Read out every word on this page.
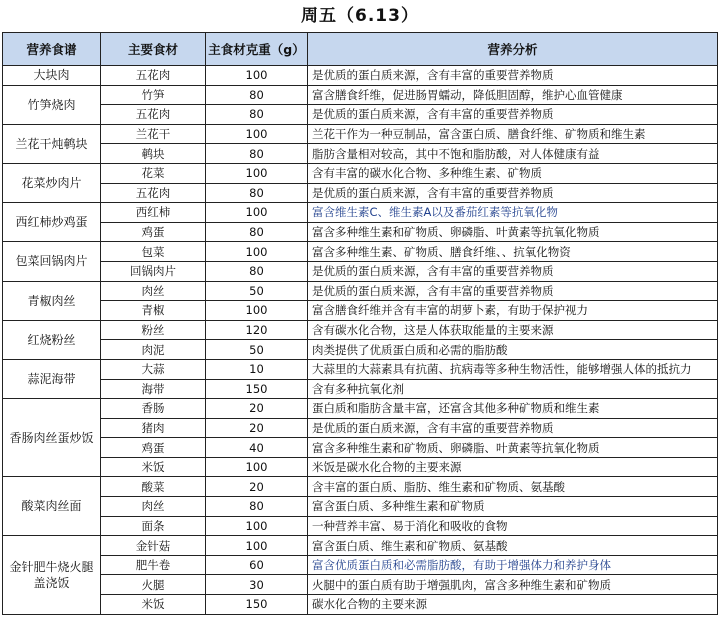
周五（6.13）
营养食谱	主要食材	主食材克重（g）	营养分析
大块肉	五花肉	100	是优质的蛋白质来源，含有丰富的重要营养物质
竹笋烧肉	竹笋	80	富含膳食纤维，促进肠胃蠕动，降低胆固醇，维护心血管健康
	五花肉	80	是优质的蛋白质来源，含有丰富的重要营养物质
兰花干炖鹌块	兰花干	100	兰花干作为一种豆制品，富含蛋白质、膳食纤维、矿物质和维生素
	鹌块	80	脂肪含量相对较高，其中不饱和脂肪酸，对人体健康有益
花菜炒肉片	花菜	100	含有丰富的碳水化合物、多种维生素、矿物质
	五花肉	80	是优质的蛋白质来源，含有丰富的重要营养物质
西红柿炒鸡蛋	西红柿	100	富含维生素C、维生素A以及番茄红素等抗氧化物
	鸡蛋	80	富含多种维生素和矿物质、卵磷脂、叶黄素等抗氧化物质
包菜回锅肉片	包菜	100	富含多种维生素、矿物质、膳食纤维、、抗氧化物资
	回锅肉片	80	是优质的蛋白质来源，含有丰富的重要营养物质
青椒肉丝	肉丝	50	是优质的蛋白质来源，含有丰富的重要营养物质
	青椒	100	富含膳食纤维并含有丰富的胡萝卜素，有助于保护视力
红烧粉丝	粉丝	120	含有碳水化合物，这是人体获取能量的主要来源
	肉泥	50	肉类提供了优质蛋白质和必需的脂肪酸
蒜泥海带	大蒜	10	大蒜里的大蒜素具有抗菌、抗病毒等多种生物活性，能够增强人体的抵抗力
	海带	150	含有多种抗氧化剂
香肠肉丝蛋炒饭	香肠	20	蛋白质和脂肪含量丰富，还富含其他多种矿物质和维生素
	猪肉	20	是优质的蛋白质来源，含有丰富的重要营养物质
	鸡蛋	40	富含多种维生素和矿物质、卵磷脂、叶黄素等抗氧化物质
	米饭	100	米饭是碳水化合物的主要来源
酸菜肉丝面	酸菜	20	含丰富的蛋白质、脂肪、维生素和矿物质、氨基酸
	肉丝	80	富含蛋白质、多种维生素和矿物质
	面条	100	一种营养丰富、易于消化和吸收的食物
金针肥牛烧火腿盖浇饭	金针菇	100	富含蛋白质、维生素和矿物质、氨基酸
	肥牛卷	60	富含优质蛋白质和必需脂肪酸，有助于增强体力和养护身体
	火腿	30	火腿中的蛋白质有助于增强肌肉，富含多种维生素和矿物质
	米饭	150	碳水化合物的主要来源
